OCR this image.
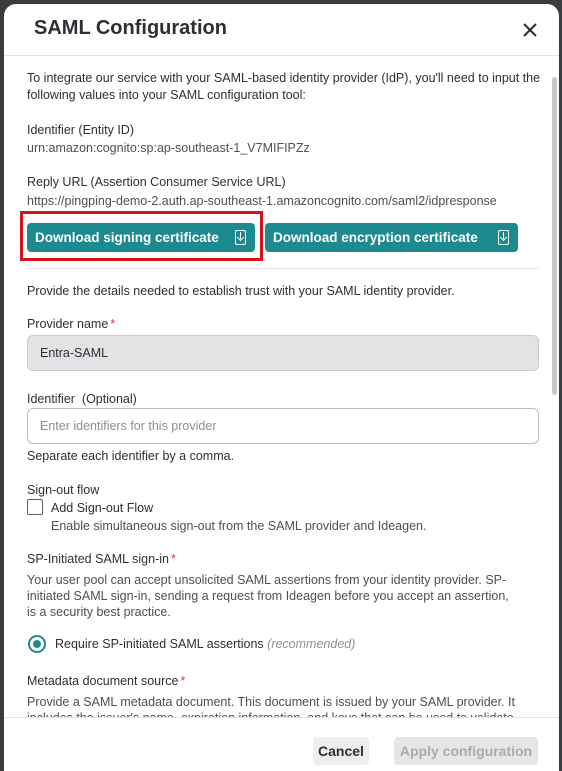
SAML Configuration
To integrate our service with your SAML-based identity provider (IdP), you'll need to input the following values into your SAML configuration tool:
Identifier (Entity ID)
urn:amazon:cognito:sp:ap-southeast-1_V7MIFIPZz
Reply URL (Assertion Consumer Service URL)
https://pingping-demo-2.auth.ap-southeast-1.amazoncognito.com/saml2/idpresponse
Download signing certificate	Download encryption certificate
Provide the details needed to establish trust with your SAML identity provider.
Provider name *
Entra-SAML
Identifier (Optional)
Enter identifiers for this provider
Separate each identifier by a comma.
Sign-out flow
Add Sign-out Flow
Enable simultaneous sign-out from the SAML provider and Ideagen.
SP-Initiated SAML sign-in *
Your user pool can accept unsolicited SAML assertions from your identity provider. SP-
initiated SAML sign-in, sending a request from Ideagen before you accept an assertion,
is a security best practice.
Require SP-initiated SAML assertions (recommended)
Metadata document source *
Provide a SAML metadata document. This document is issued by your SAML provider. It
Cancel	Apply configuration
